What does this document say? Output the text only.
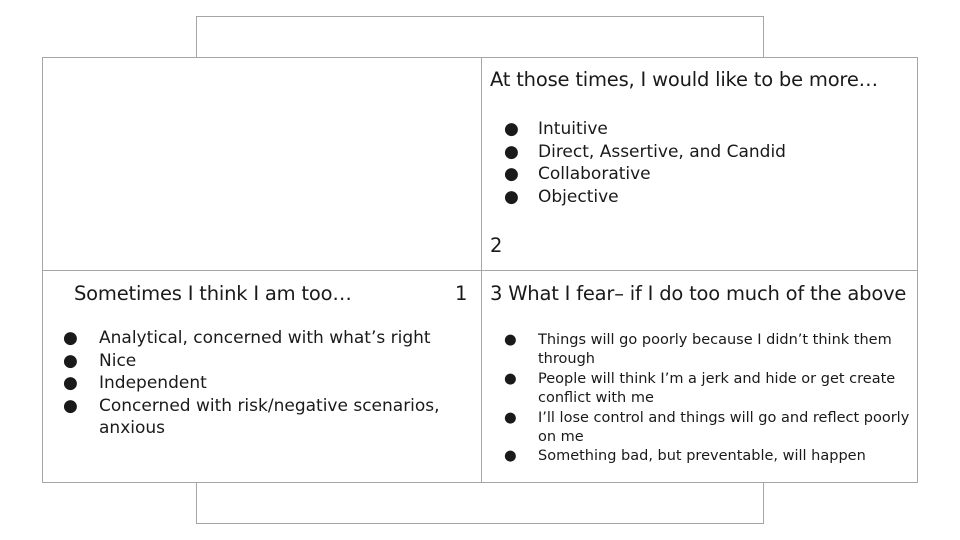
At those times, I would like to be more…
● Intuitive
● Direct, Assertive, and Candid
● Collaborative
● Objective
2
Sometimes I think I am too…	1
● Analytical, concerned with what’s right
● Nice
● Independent
● Concerned with risk/negative scenarios, anxious
3 What I fear– if I do too much of the above
● Things will go poorly because I didn’t think them through
● People will think I’m a jerk and hide or get create conflict with me
● I’ll lose control and things will go and reflect poorly on me
● Something bad, but preventable, will happen
